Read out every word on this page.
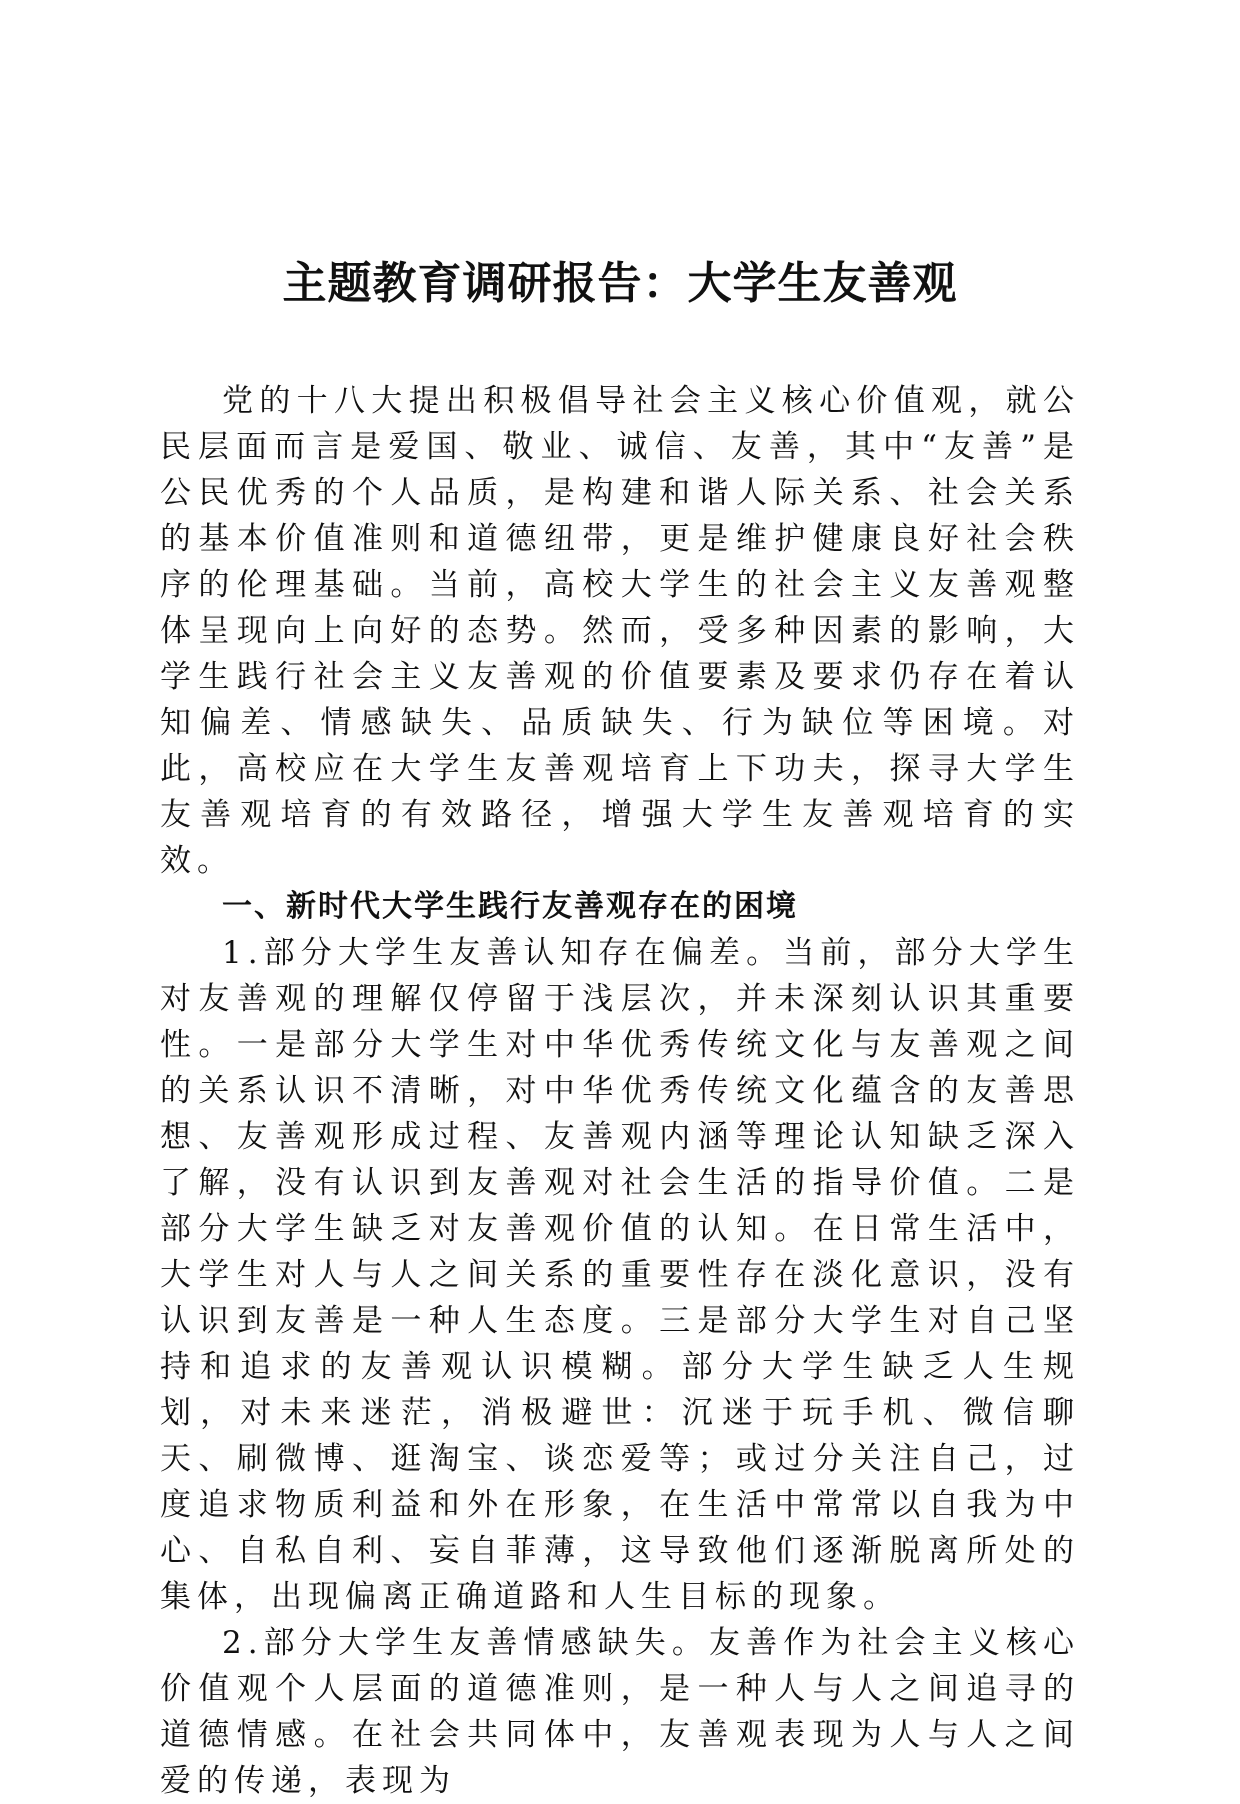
主题教育调研报告：大学生友善观

党的十八大提出积极倡导社会主义核心价值观，就公民层面而言是爱国、敬业、诚信、友善，其中“友善”是公民优秀的个人品质，是构建和谐人际关系、社会关系的基本价值准则和道德纽带，更是维护健康良好社会秩序的伦理基础。当前，高校大学生的社会主义友善观整体呈现向上向好的态势。然而，受多种因素的影响，大学生践行社会主义友善观的价值要素及要求仍存在着认知偏差、情感缺失、品质缺失、行为缺位等困境。对此，高校应在大学生友善观培育上下功夫，探寻大学生友善观培育的有效路径，增强大学生友善观培育的实效。

一、新时代大学生践行友善观存在的困境

1.部分大学生友善认知存在偏差。当前，部分大学生对友善观的理解仅停留于浅层次，并未深刻认识其重要性。一是部分大学生对中华优秀传统文化与友善观之间的关系认识不清晰，对中华优秀传统文化蕴含的友善思想、友善观形成过程、友善观内涵等理论认知缺乏深入了解，没有认识到友善观对社会生活的指导价值。二是部分大学生缺乏对友善观价值的认知。在日常生活中，大学生对人与人之间关系的重要性存在淡化意识，没有认识到友善是一种人生态度。三是部分大学生对自己坚持和追求的友善观认识模糊。部分大学生缺乏人生规划，对未来迷茫，消极避世：沉迷于玩手机、微信聊天、刷微博、逛淘宝、谈恋爱等；或过分关注自己，过度追求物质利益和外在形象，在生活中常常以自我为中心、自私自利、妄自菲薄，这导致他们逐渐脱离所处的集体，出现偏离正确道路和人生目标的现象。

2.部分大学生友善情感缺失。友善作为社会主义核心价值观个人层面的道德准则，是一种人与人之间追寻的道德情感。在社会共同体中，友善观表现为人与人之间爱的传递，表现为
